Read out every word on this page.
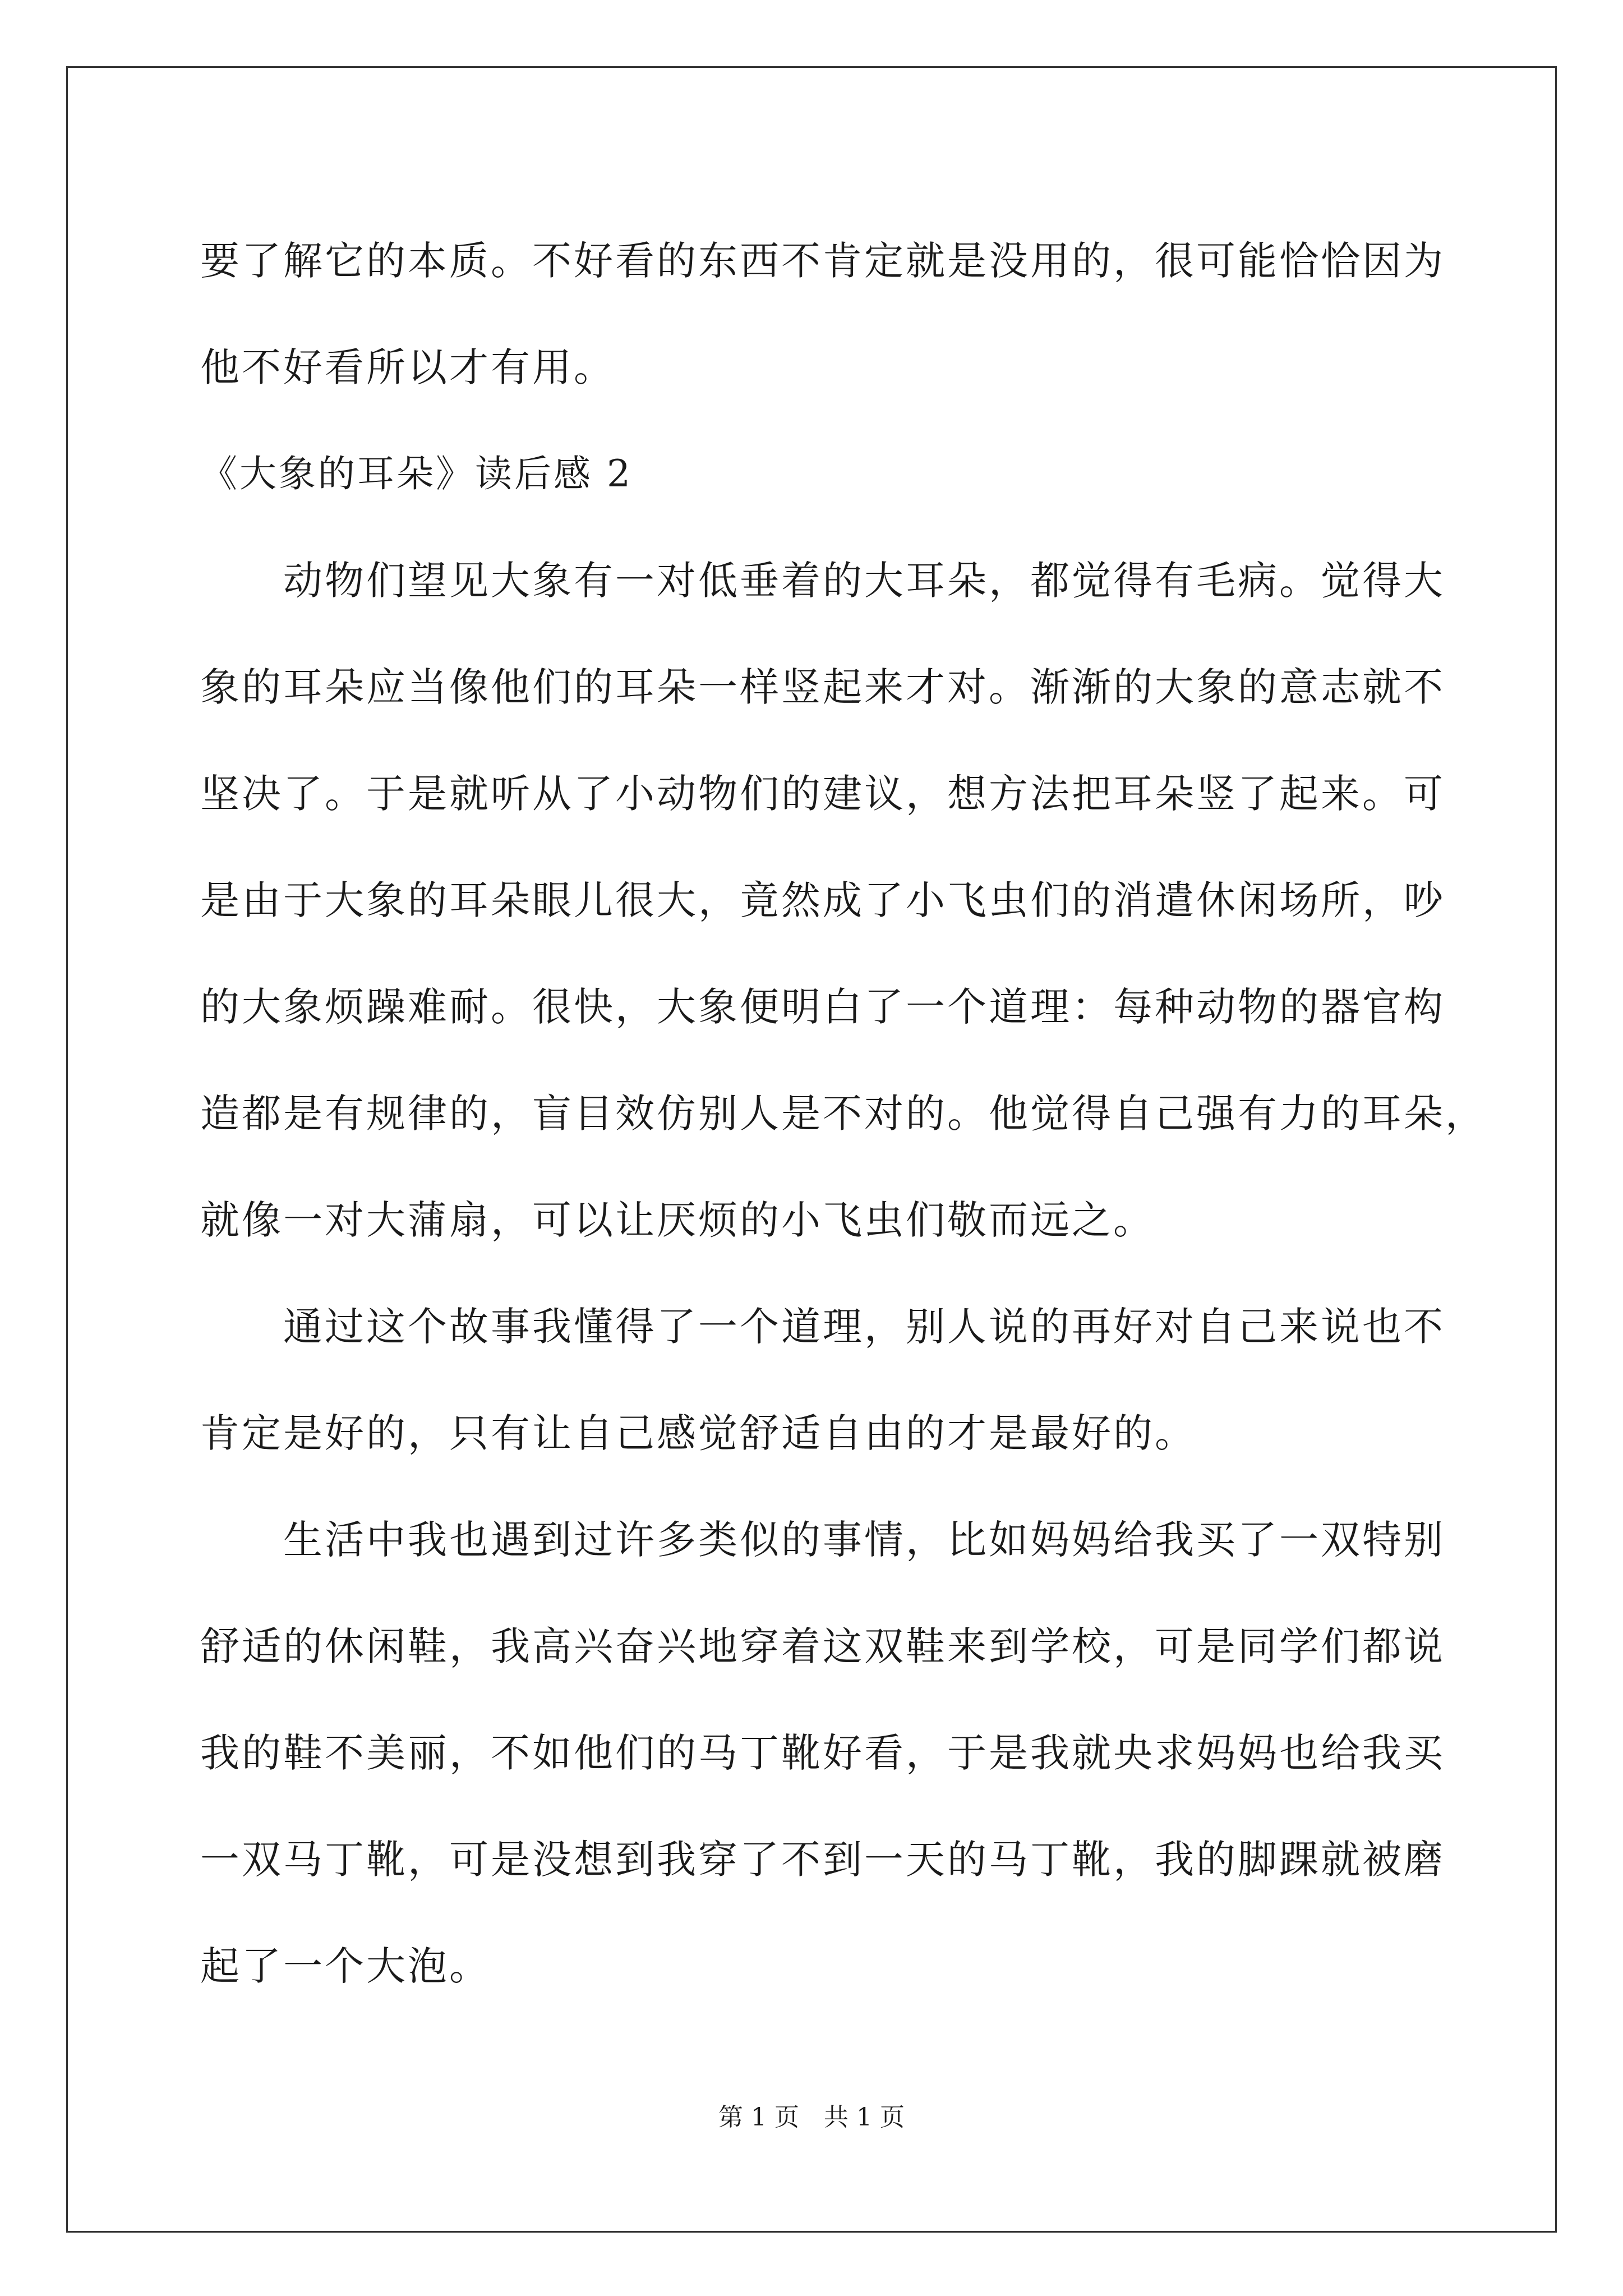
要了解它的本质。不好看的东西不肯定就是没用的，很可能恰恰因为
他不好看所以才有用。
《大象的耳朵》读后感 2
动物们望见大象有一对低垂着的大耳朵，都觉得有毛病。觉得大
象的耳朵应当像他们的耳朵一样竖起来才对。渐渐的大象的意志就不
坚决了。于是就听从了小动物们的建议，想方法把耳朵竖了起来。可
是由于大象的耳朵眼儿很大，竟然成了小飞虫们的消遣休闲场所，吵
的大象烦躁难耐。很快，大象便明白了一个道理：每种动物的器官构
造都是有规律的，盲目效仿别人是不对的。他觉得自己强有力的耳朵，
就像一对大蒲扇，可以让厌烦的小飞虫们敬而远之。
通过这个故事我懂得了一个道理，别人说的再好对自己来说也不
肯定是好的，只有让自己感觉舒适自由的才是最好的。
生活中我也遇到过许多类似的事情，比如妈妈给我买了一双特别
舒适的休闲鞋，我高兴奋兴地穿着这双鞋来到学校，可是同学们都说
我的鞋不美丽，不如他们的马丁靴好看，于是我就央求妈妈也给我买
一双马丁靴，可是没想到我穿了不到一天的马丁靴，我的脚踝就被磨
起了一个大泡。
第 1 页　共 1 页
